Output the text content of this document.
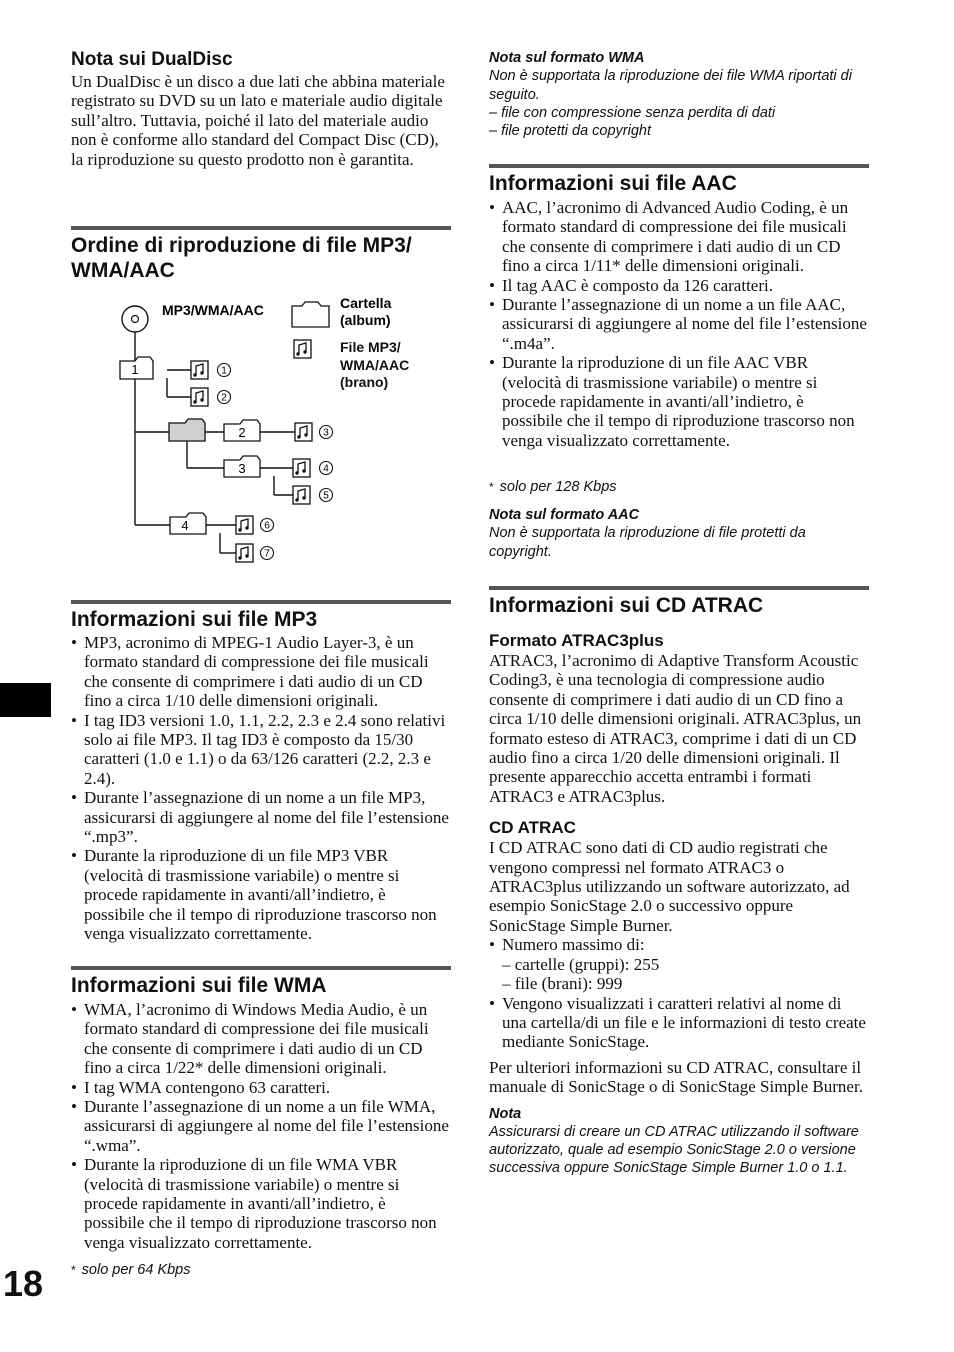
18
Nota sui DualDisc
Un DualDisc è un disco a due lati che abbina materiale registrato su DVD su un lato e materiale audio digitale sull’altro. Tuttavia, poiché il lato del materiale audio non è conforme allo standard del Compact Disc (CD), la riproduzione su questo prodotto non è garantita.
Ordine di riproduzione di file MP3/ WMA/AAC
MP3/WMA/AAC	Cartella (album)
1
2
3
4
1
2
3
4
5
6
7
File MP3/ WMA/AAC (brano)
Informazioni sui file MP3
• MP3, acronimo di MPEG-1 Audio Layer-3, è un formato standard di compressione dei file musicali che consente di comprimere i dati audio di un CD fino a circa 1/10 delle dimensioni originali.
• I tag ID3 versioni 1.0, 1.1, 2.2, 2.3 e 2.4 sono relativi solo ai file MP3. Il tag ID3 è composto da 15/30 caratteri (1.0 e 1.1) o da 63/126 caratteri (2.2, 2.3 e 2.4).
• Durante l’assegnazione di un nome a un file MP3, assicurarsi di aggiungere al nome del file l’estensione “.mp3”.
• Durante la riproduzione di un file MP3 VBR (velocità di trasmissione variabile) o mentre si procede rapidamente in avanti/all’indietro, è possibile che il tempo di riproduzione trascorso non venga visualizzato correttamente.
Informazioni sui file WMA
• WMA, l’acronimo di Windows Media Audio, è un formato standard di compressione dei file musicali che consente di comprimere i dati audio di un CD fino a circa 1/22* delle dimensioni originali.
• I tag WMA contengono 63 caratteri.
• Durante l’assegnazione di un nome a un file WMA, assicurarsi di aggiungere al nome del file l’estensione “.wma”.
• Durante la riproduzione di un file WMA VBR (velocità di trasmissione variabile) o mentre si procede rapidamente in avanti/all’indietro, è possibile che il tempo di riproduzione trascorso non venga visualizzato correttamente.
* solo per 64 Kbps
Nota sul formato WMA
Non è supportata la riproduzione dei file WMA riportati di seguito.
– file con compressione senza perdita di dati
– file protetti da copyright
Informazioni sui file AAC
• AAC, l’acronimo di Advanced Audio Coding, è un formato standard di compressione dei file musicali che consente di comprimere i dati audio di un CD fino a circa 1/11* delle dimensioni originali.
• Il tag AAC è composto da 126 caratteri.
• Durante l’assegnazione di un nome a un file AAC, assicurarsi di aggiungere al nome del file l’estensione “.m4a”.
• Durante la riproduzione di un file AAC VBR (velocità di trasmissione variabile) o mentre si procede rapidamente in avanti/all’indietro, è possibile che il tempo di riproduzione trascorso non venga visualizzato correttamente.
* solo per 128 Kbps
Nota sul formato AAC
Non è supportata la riproduzione di file protetti da copyright.
Informazioni sui CD ATRAC
Formato ATRAC3plus
ATRAC3, l’acronimo di Adaptive Transform Acoustic Coding3, è una tecnologia di compressione audio consente di comprimere i dati audio di un CD fino a circa 1/10 delle dimensioni originali. ATRAC3plus, un formato esteso di ATRAC3, comprime i dati di un CD audio fino a circa 1/20 delle dimensioni originali. Il presente apparecchio accetta entrambi i formati ATRAC3 e ATRAC3plus.
CD ATRAC
I CD ATRAC sono dati di CD audio registrati che vengono compressi nel formato ATRAC3 o ATRAC3plus utilizzando un software autorizzato, ad esempio SonicStage 2.0 o successivo oppure SonicStage Simple Burner.
• Numero massimo di:
– cartelle (gruppi): 255
– file (brani): 999
• Vengono visualizzati i caratteri relativi al nome di una cartella/di un file e le informazioni di testo create mediante SonicStage.
Per ulteriori informazioni su CD ATRAC, consultare il manuale di SonicStage o di SonicStage Simple Burner.
Nota
Assicurarsi di creare un CD ATRAC utilizzando il software autorizzato, quale ad esempio SonicStage 2.0 o versione successiva oppure SonicStage Simple Burner 1.0 o 1.1.
